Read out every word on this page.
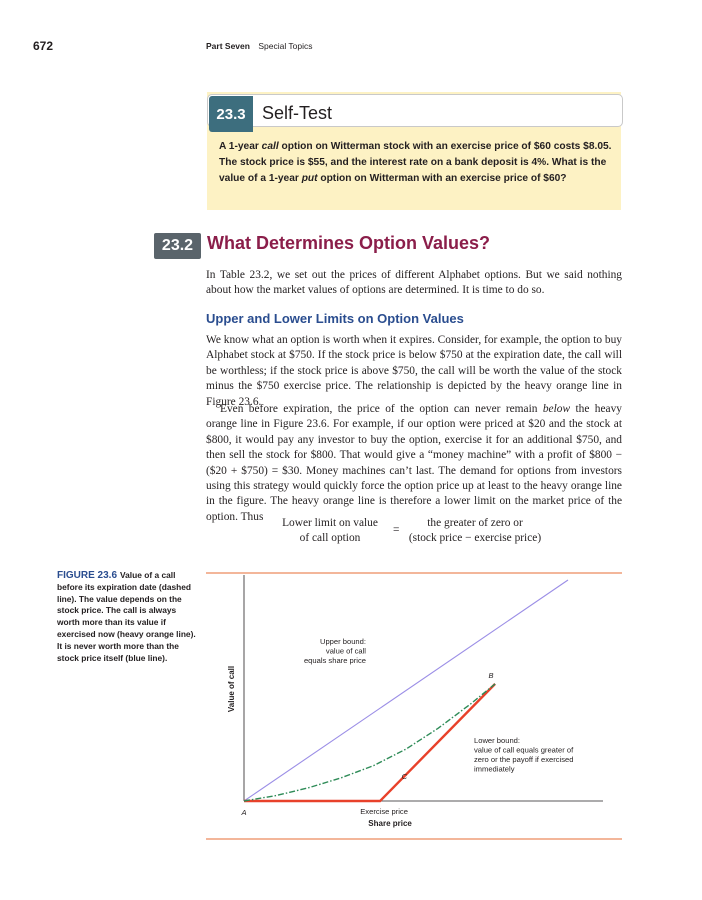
672	Part Seven Special Topics
23.3 Self-Test
A 1-year call option on Witterman stock with an exercise price of $60 costs $8.05. The stock price is $55, and the interest rate on a bank deposit is 4%. What is the value of a 1-year put option on Witterman with an exercise price of $60?
23.2 What Determines Option Values?
In Table 23.2, we set out the prices of different Alphabet options. But we said nothing about how the market values of options are determined. It is time to do so.
Upper and Lower Limits on Option Values
We know what an option is worth when it expires. Consider, for example, the option to buy Alphabet stock at $750. If the stock price is below $750 at the expiration date, the call will be worthless; if the stock price is above $750, the call will be worth the value of the stock minus the $750 exercise price. The relationship is depicted by the heavy orange line in Figure 23.6.
Even before expiration, the price of the option can never remain below the heavy orange line in Figure 23.6. For example, if our option were priced at $20 and the stock at $800, it would pay any investor to buy the option, exercise it for an additional $750, and then sell the stock for $800. That would give a “money machine” with a profit of $800 − ($20 + $750) = $30. Money machines can’t last. The demand for options from investors using this strategy would quickly force the option price up at least to the heavy orange line in the figure. The heavy orange line is therefore a lower limit on the market price of the option. Thus
Lower limit on value
of call option
=
the greater of zero or
(stock price − exercise price)
FIGURE 23.6 Value of a call before its expiration date (dashed line). The value depends on the stock price. The call is always worth more than its value if exercised now (heavy orange line). It is never worth more than the stock price itself (blue line).
Share price
Value of call
Exercise price
A
B
C
Upper bound:
value of call
equals share price
Lower bound:
value of call equals greater of
zero or the payoff if exercised
immediately
